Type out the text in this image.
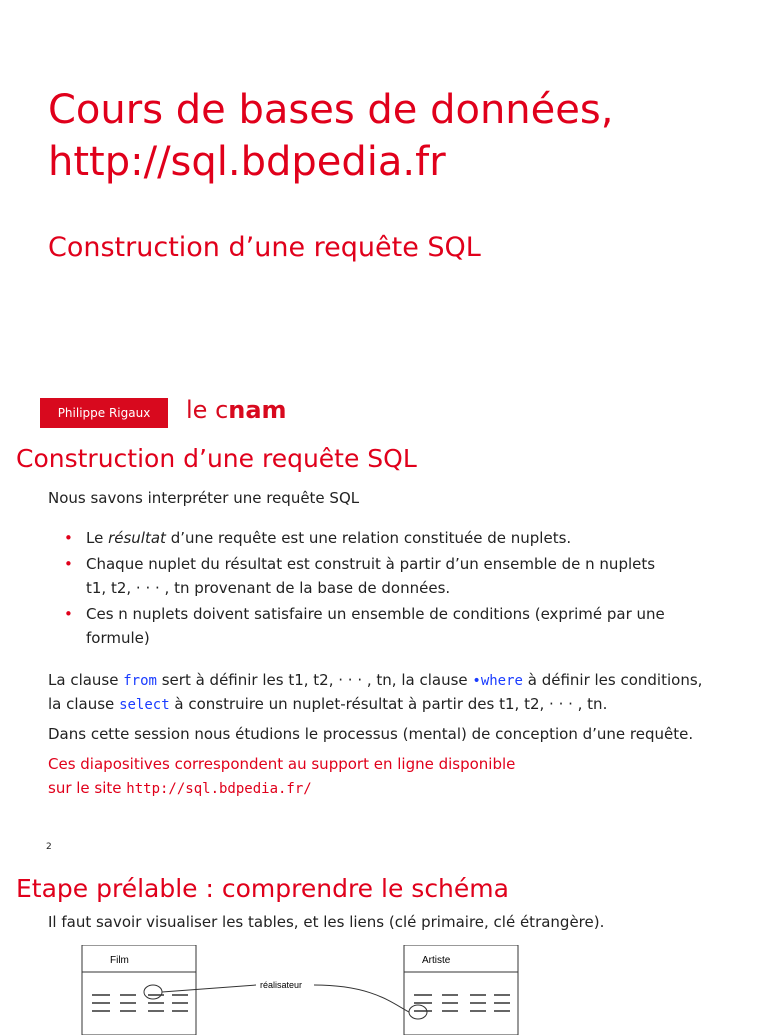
Cours de bases de données,
http://sql.bdpedia.fr
Construction d’une requête SQL
Philippe Rigaux	le cnam
Construction d’une requête SQL
Nous savons interpréter une requête SQL
• Le résultat d’une requête est une relation constituée de nuplets.
• Chaque nuplet du résultat est construit à partir d’un ensemble de n nuplets
t1, t2, · · · , tn provenant de la base de données.
• Ces n nuplets doivent satisfaire un ensemble de conditions (exprimé par une
formule)
La clause from sert à définir les t1, t2, · · · , tn, la clause •where à définir les conditions,
la clause select à construire un nuplet-résultat à partir des t1, t2, · · · , tn.
Dans cette session nous étudions le processus (mental) de conception d’une requête.
Ces diapositives correspondent au support en ligne disponible
sur le site http://sql.bdpedia.fr/
2
Etape prélable : comprendre le schéma
Il faut savoir visualiser les tables, et les liens (clé primaire, clé étrangère).
Film	Artiste
réalisateur
